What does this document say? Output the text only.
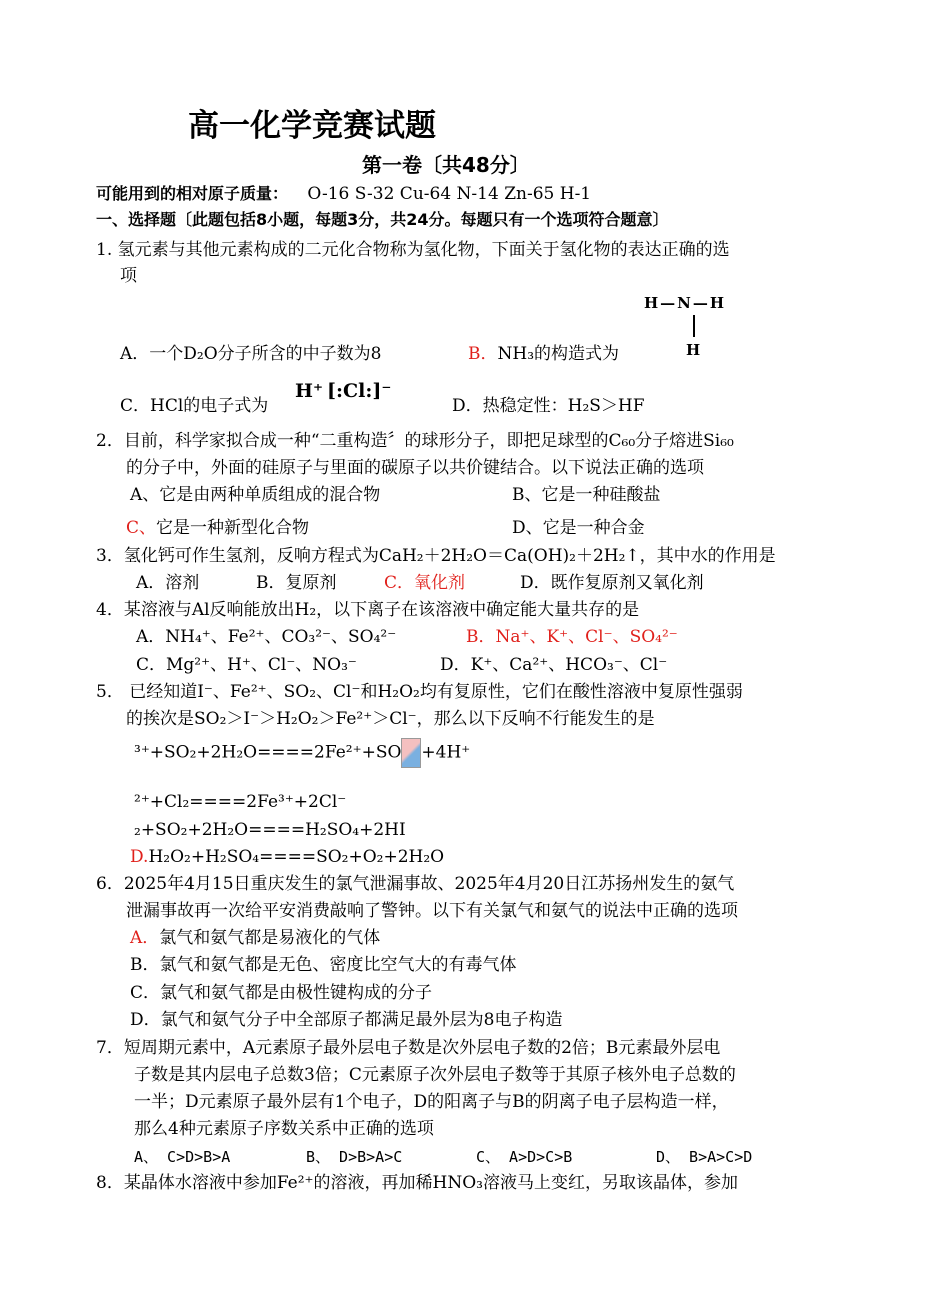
高一化学竞赛试题
第一卷〔共48分〕
可能用到的相对原子质量： O-16 S-32 Cu-64 N-14 Zn-65 H-1
一、选择题〔此题包括8小题，每题3分，共24分。每题只有一个选项符合题意〕
1. 氢元素与其他元素构成的二元化合物称为氢化物，下面关于氢化物的表达正确的选
项
H—N—H
H
A．一个D₂O分子所含的中子数为8	B．NH₃的构造式为
C．HCl的电子式为
H⁺ [:Cl:]⁻
D．热稳定性：H₂S＞HF
2．目前，科学家拟合成一种“二重构造〞的球形分子，即把足球型的C₆₀分子熔进Si₆₀
的分子中，外面的硅原子与里面的碳原子以共价键结合。以下说法正确的选项
A、它是由两种单质组成的混合物	B、它是一种硅酸盐
C、它是一种新型化合物	D、它是一种合金
3．氢化钙可作生氢剂，反响方程式为CaH₂＋2H₂O＝Ca(OH)₂＋2H₂↑，其中水的作用是
A．溶剂	B．复原剂	C．氧化剂	D．既作复原剂又氧化剂
4．某溶液与Al反响能放出H₂，以下离子在该溶液中确定能大量共存的是
A．NH₄⁺、Fe²⁺、CO₃²⁻、SO₄²⁻	B．Na⁺、K⁺、Cl⁻、SO₄²⁻
C．Mg²⁺、H⁺、Cl⁻、NO₃⁻	D．K⁺、Ca²⁺、HCO₃⁻、Cl⁻
5． 已经知道I⁻、Fe²⁺、SO₂、Cl⁻和H₂O₂均有复原性，它们在酸性溶液中复原性强弱
的挨次是SO₂＞I⁻＞H₂O₂＞Fe²⁺＞Cl⁻，那么以下反响不行能发生的是
³⁺+SO₂+2H₂O====2Fe²⁺+SO +4H⁺
²⁺+Cl₂====2Fe³⁺+2Cl⁻
₂+SO₂+2H₂O====H₂SO₄+2HI
D.H₂O₂+H₂SO₄====SO₂+O₂+2H₂O
6．2025年4月15日重庆发生的氯气泄漏事故、2025年4月20日江苏扬州发生的氨气
泄漏事故再一次给平安消费敲响了警钟。以下有关氯气和氨气的说法中正确的选项
A．氯气和氨气都是易液化的气体
B．氯气和氨气都是无色、密度比空气大的有毒气体
C．氯气和氨气都是由极性键构成的分子
D．氯气和氨气分子中全部原子都满足最外层为8电子构造
7．短周期元素中，A元素原子最外层电子数是次外层电子数的2倍；B元素最外层电
子数是其内层电子总数3倍；C元素原子次外层电子数等于其原子核外电子总数的
一半；D元素原子最外层有1个电子，D的阳离子与B的阴离子电子层构造一样，
那么4种元素原子序数关系中正确的选项
A、 C>D>B>A	B、 D>B>A>C	C、 A>D>C>B	D、 B>A>C>D
8．某晶体水溶液中参加Fe²⁺的溶液，再加稀HNO₃溶液马上变红，另取该晶体，参加
